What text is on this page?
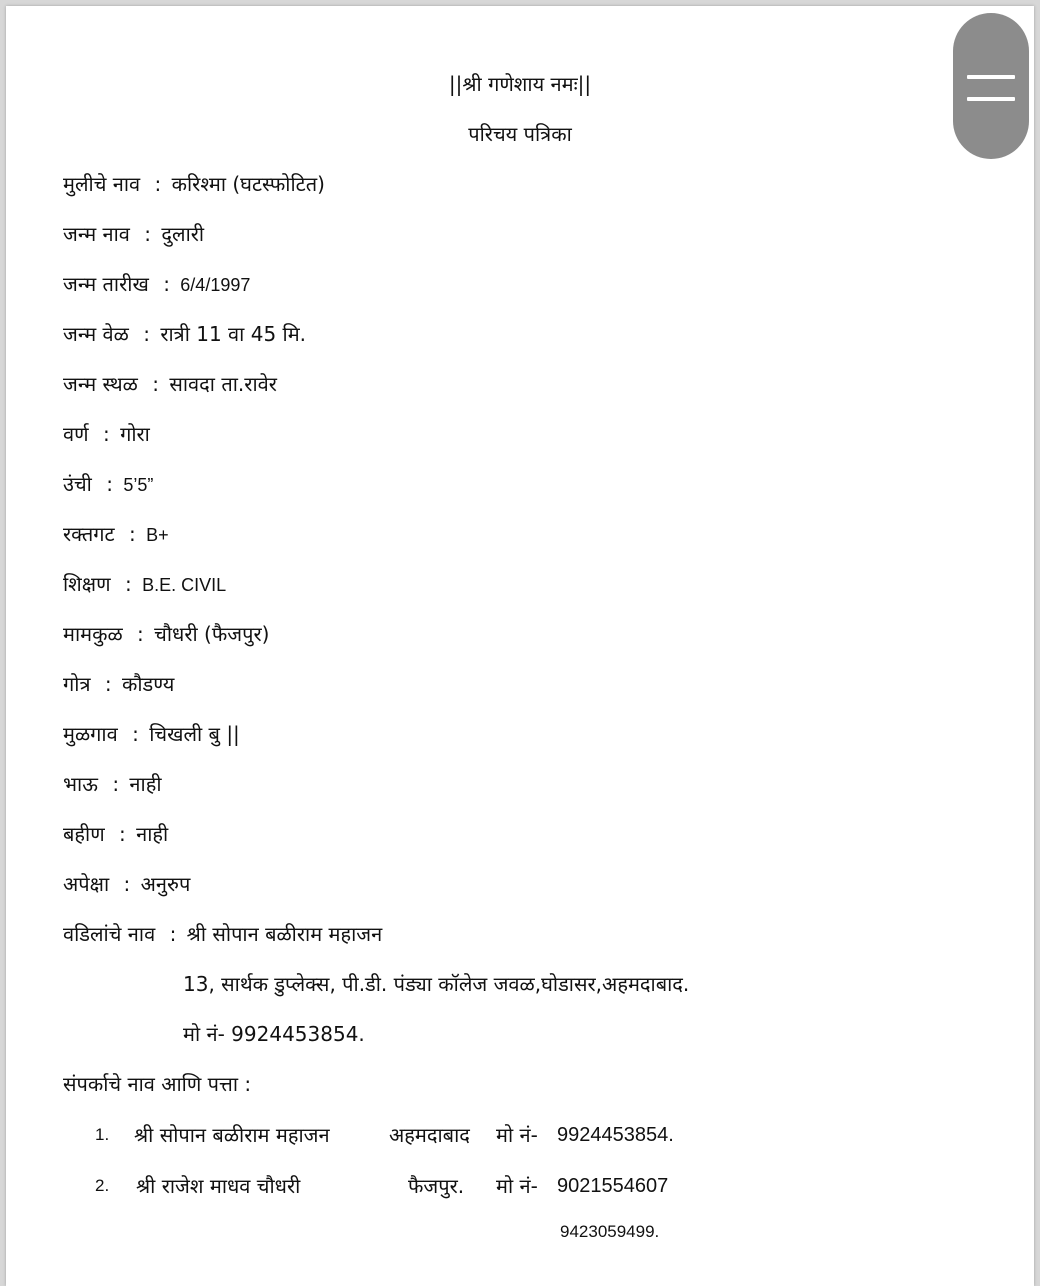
||श्री गणेशाय नमः||
परिचय पत्रिका
मुलीचे नाव : करिश्मा (घटस्फोटित)
जन्म नाव : दुलारी
जन्म तारीख : 6/4/1997
जन्म वेळ : रात्री 11 वा 45 मि.
जन्म स्थळ : सावदा ता.रावेर
वर्ण : गोरा
उंची : 5’5”
रक्तगट : B+
शिक्षण : B.E. CIVIL
मामकुळ : चौधरी (फैजपुर)
गोत्र : कौडण्य
मुळगाव : चिखली बु ||
भाऊ : नाही
बहीण : नाही
अपेक्षा : अनुरुप
वडिलांचे नाव : श्री सोपान बळीराम महाजन
13, सार्थक डुप्लेक्स, पी.डी. पंड्या कॉलेज जवळ,घोडासर,अहमदाबाद.
मो नं- 9924453854.
संपर्काचे नाव आणि पत्ता :
1. श्री सोपान बळीराम महाजन	अहमदाबाद मो नं- 9924453854.
2. श्री राजेश माधव चौधरी	फैजपुर. मो नं- 9021554607
9423059499.
